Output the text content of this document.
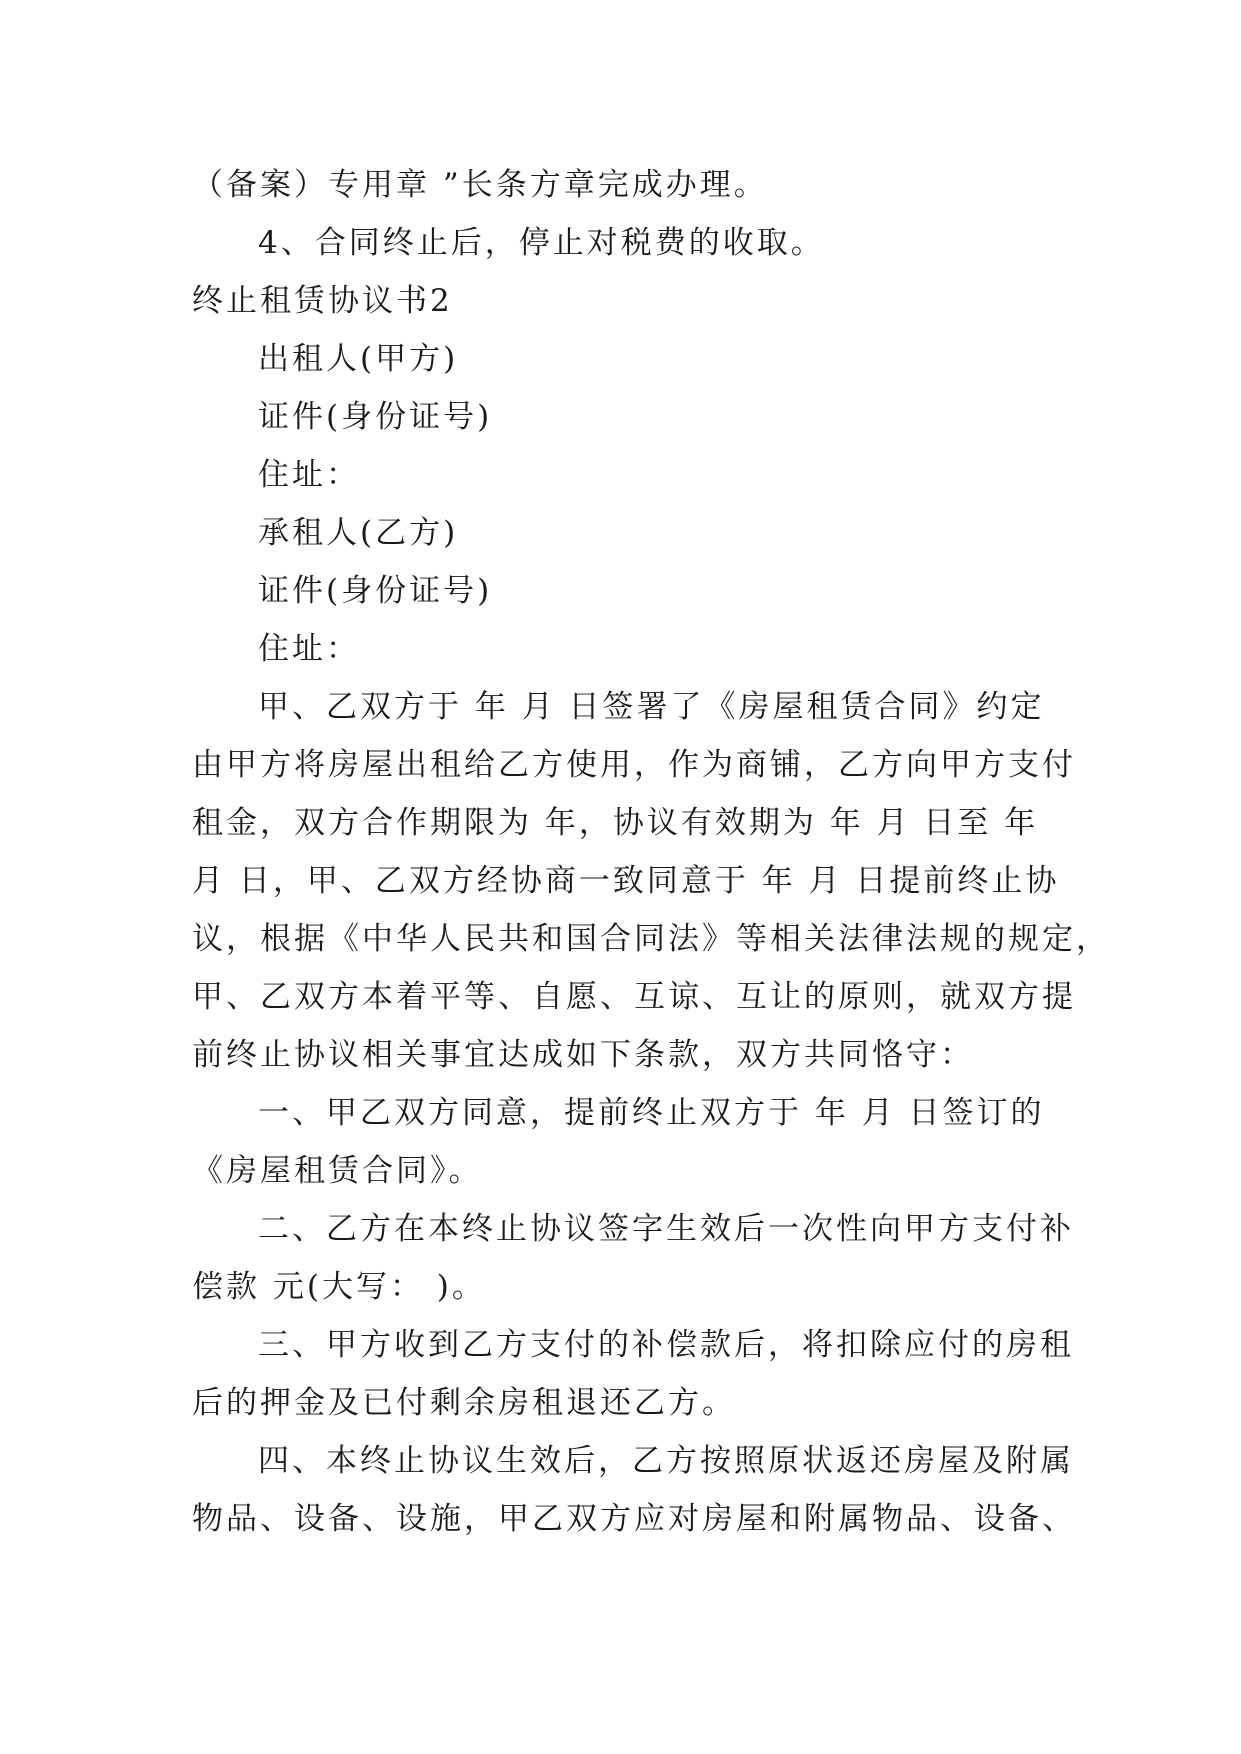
（备案）专用章 ”长条方章完成办理。
4、合同终止后，停止对税费的收取。
终止租赁协议书2
出租人(甲方)
证件(身份证号)
住址：
承租人(乙方)
证件(身份证号)
住址：
甲、乙双方于 年 月 日签署了《房屋租赁合同》约定
由甲方将房屋出租给乙方使用，作为商铺，乙方向甲方支付
租金，双方合作期限为 年，协议有效期为 年 月 日至 年
月 日，甲、乙双方经协商一致同意于 年 月 日提前终止协
议，根据《中华人民共和国合同法》等相关法律法规的规定，
甲、乙双方本着平等、自愿、互谅、互让的原则，就双方提
前终止协议相关事宜达成如下条款，双方共同恪守：
一、甲乙双方同意，提前终止双方于 年 月 日签订的
《房屋租赁合同》。
二、乙方在本终止协议签字生效后一次性向甲方支付补
偿款 元(大写： )。
三、甲方收到乙方支付的补偿款后，将扣除应付的房租
后的押金及已付剩余房租退还乙方。
四、本终止协议生效后，乙方按照原状返还房屋及附属
物品、设备、设施，甲乙双方应对房屋和附属物品、设备、
